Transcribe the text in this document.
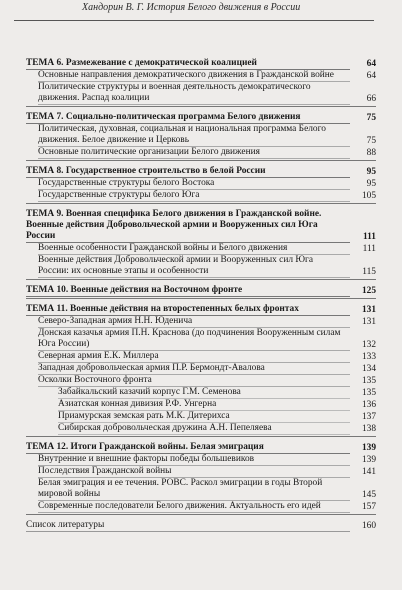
Хандорин В. Г. История Белого движения в России
ТЕМА 6. Размежевание с демократической коалицией	64
Основные направления демократического движения в Гражданской войне	64
Политические структуры и военная деятельность демократического движения. Распад коалиции	66
ТЕМА 7. Социально-политическая программа Белого движения	75
Политическая, духовная, социальная и национальная программа Белого движения. Белое движение и Церковь	75
Основные политические организации Белого движения	88
ТЕМА 8. Государственное строительство в белой России	95
Государственные структуры белого Востока	95
Государственные структуры белого Юга	105
ТЕМА 9. Военная специфика Белого движения в Гражданской войне. Военные действия Добровольческой армии и Вооруженных сил Юга России	111
Военные особенности Гражданской войны и Белого движения	111
Военные действия Добровольческой армии и Вооруженных сил Юга России: их основные этапы и особенности	115
ТЕМА 10. Военные действия на Восточном фронте	125
ТЕМА 11. Военные действия на второстепенных белых фронтах	131
Северо-Западная армия Н.Н. Юденича	131
Донская казачья армия П.Н. Краснова (до подчинения Вооруженным силам Юга России)	132
Северная армия Е.К. Миллера	133
Западная добровольческая армия П.Р. Бермондт-Авалова	134
Осколки Восточного фронта	135
Забайкальский казачий корпус Г.М. Семенова	135
Азиатская конная дивизия Р.Ф. Унгерна	136
Приамурская земская рать М.К. Дитерихса	137
Сибирская добровольческая дружина А.Н. Пепеляева	138
ТЕМА 12. Итоги Гражданской войны. Белая эмиграция	139
Внутренние и внешние факторы победы большевиков	139
Последствия Гражданской войны	141
Белая эмиграция и ее течения. РОВС. Раскол эмиграции в годы Второй мировой войны	145
Современные последователи Белого движения. Актуальность его идей	157
Список литературы	160
